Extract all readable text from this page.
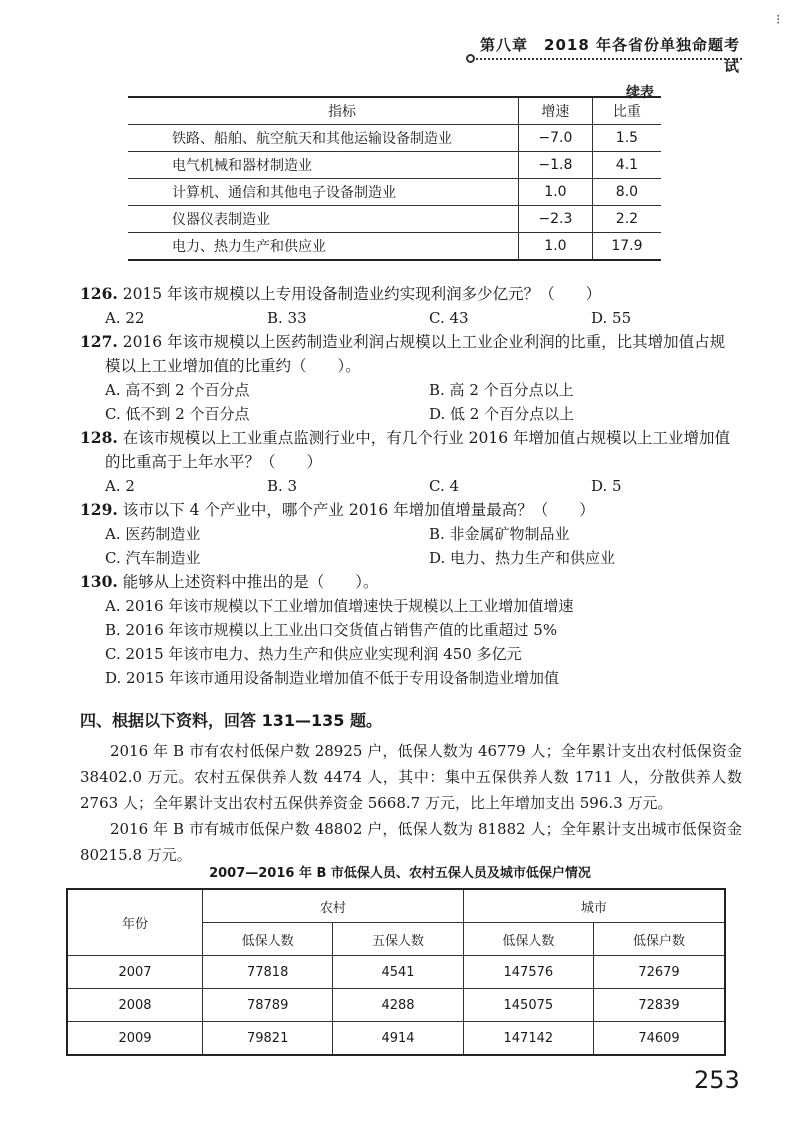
⁝
第八章　2018 年各省份单独命题考试
续表
指标	增速	比重
铁路、船舶、航空航天和其他运输设备制造业	−7.0	1.5
电气机械和器材制造业	−1.8	4.1
计算机、通信和其他电子设备制造业	1.0	8.0
仪器仪表制造业	−2.3	2.2
电力、热力生产和供应业	1.0	17.9
126. 2015 年该市规模以上专用设备制造业约实现利润多少亿元？（　　）
A. 22	B. 33	C. 43	D. 55
127. 2016 年该市规模以上医药制造业利润占规模以上工业企业利润的比重，比其增加值占规
模以上工业增加值的比重约（　　）。
A. 高不到 2 个百分点	B. 高 2 个百分点以上
C. 低不到 2 个百分点	D. 低 2 个百分点以上
128. 在该市规模以上工业重点监测行业中，有几个行业 2016 年增加值占规模以上工业增加值
的比重高于上年水平？（　　）
A. 2	B. 3	C. 4	D. 5
129. 该市以下 4 个产业中，哪个产业 2016 年增加值增量最高？（　　）
A. 医药制造业	B. 非金属矿物制品业
C. 汽车制造业	D. 电力、热力生产和供应业
130. 能够从上述资料中推出的是（　　）。
A. 2016 年该市规模以下工业增加值增速快于规模以上工业增加值增速
B. 2016 年该市规模以上工业出口交货值占销售产值的比重超过 5%
C. 2015 年该市电力、热力生产和供应业实现利润 450 多亿元
D. 2015 年该市通用设备制造业增加值不低于专用设备制造业增加值
四、根据以下资料，回答 131—135 题。
2016 年 B 市有农村低保户数 28925 户，低保人数为 46779 人；全年累计支出农村低保资金 38402.0 万元。农村五保供养人数 4474 人，其中：集中五保供养人数 1711 人，分散供养人数 2763 人；全年累计支出农村五保供养资金 5668.7 万元，比上年增加支出 596.3 万元。
2016 年 B 市有城市低保户数 48802 户，低保人数为 81882 人；全年累计支出城市低保资金 80215.8 万元。
2007—2016 年 B 市低保人员、农村五保人员及城市低保户情况
年份	农村		城市	
	低保人数	五保人数	低保人数	低保户数
2007	77818	4541	147576	72679
2008	78789	4288	145075	72839
2009	79821	4914	147142	74609
253
